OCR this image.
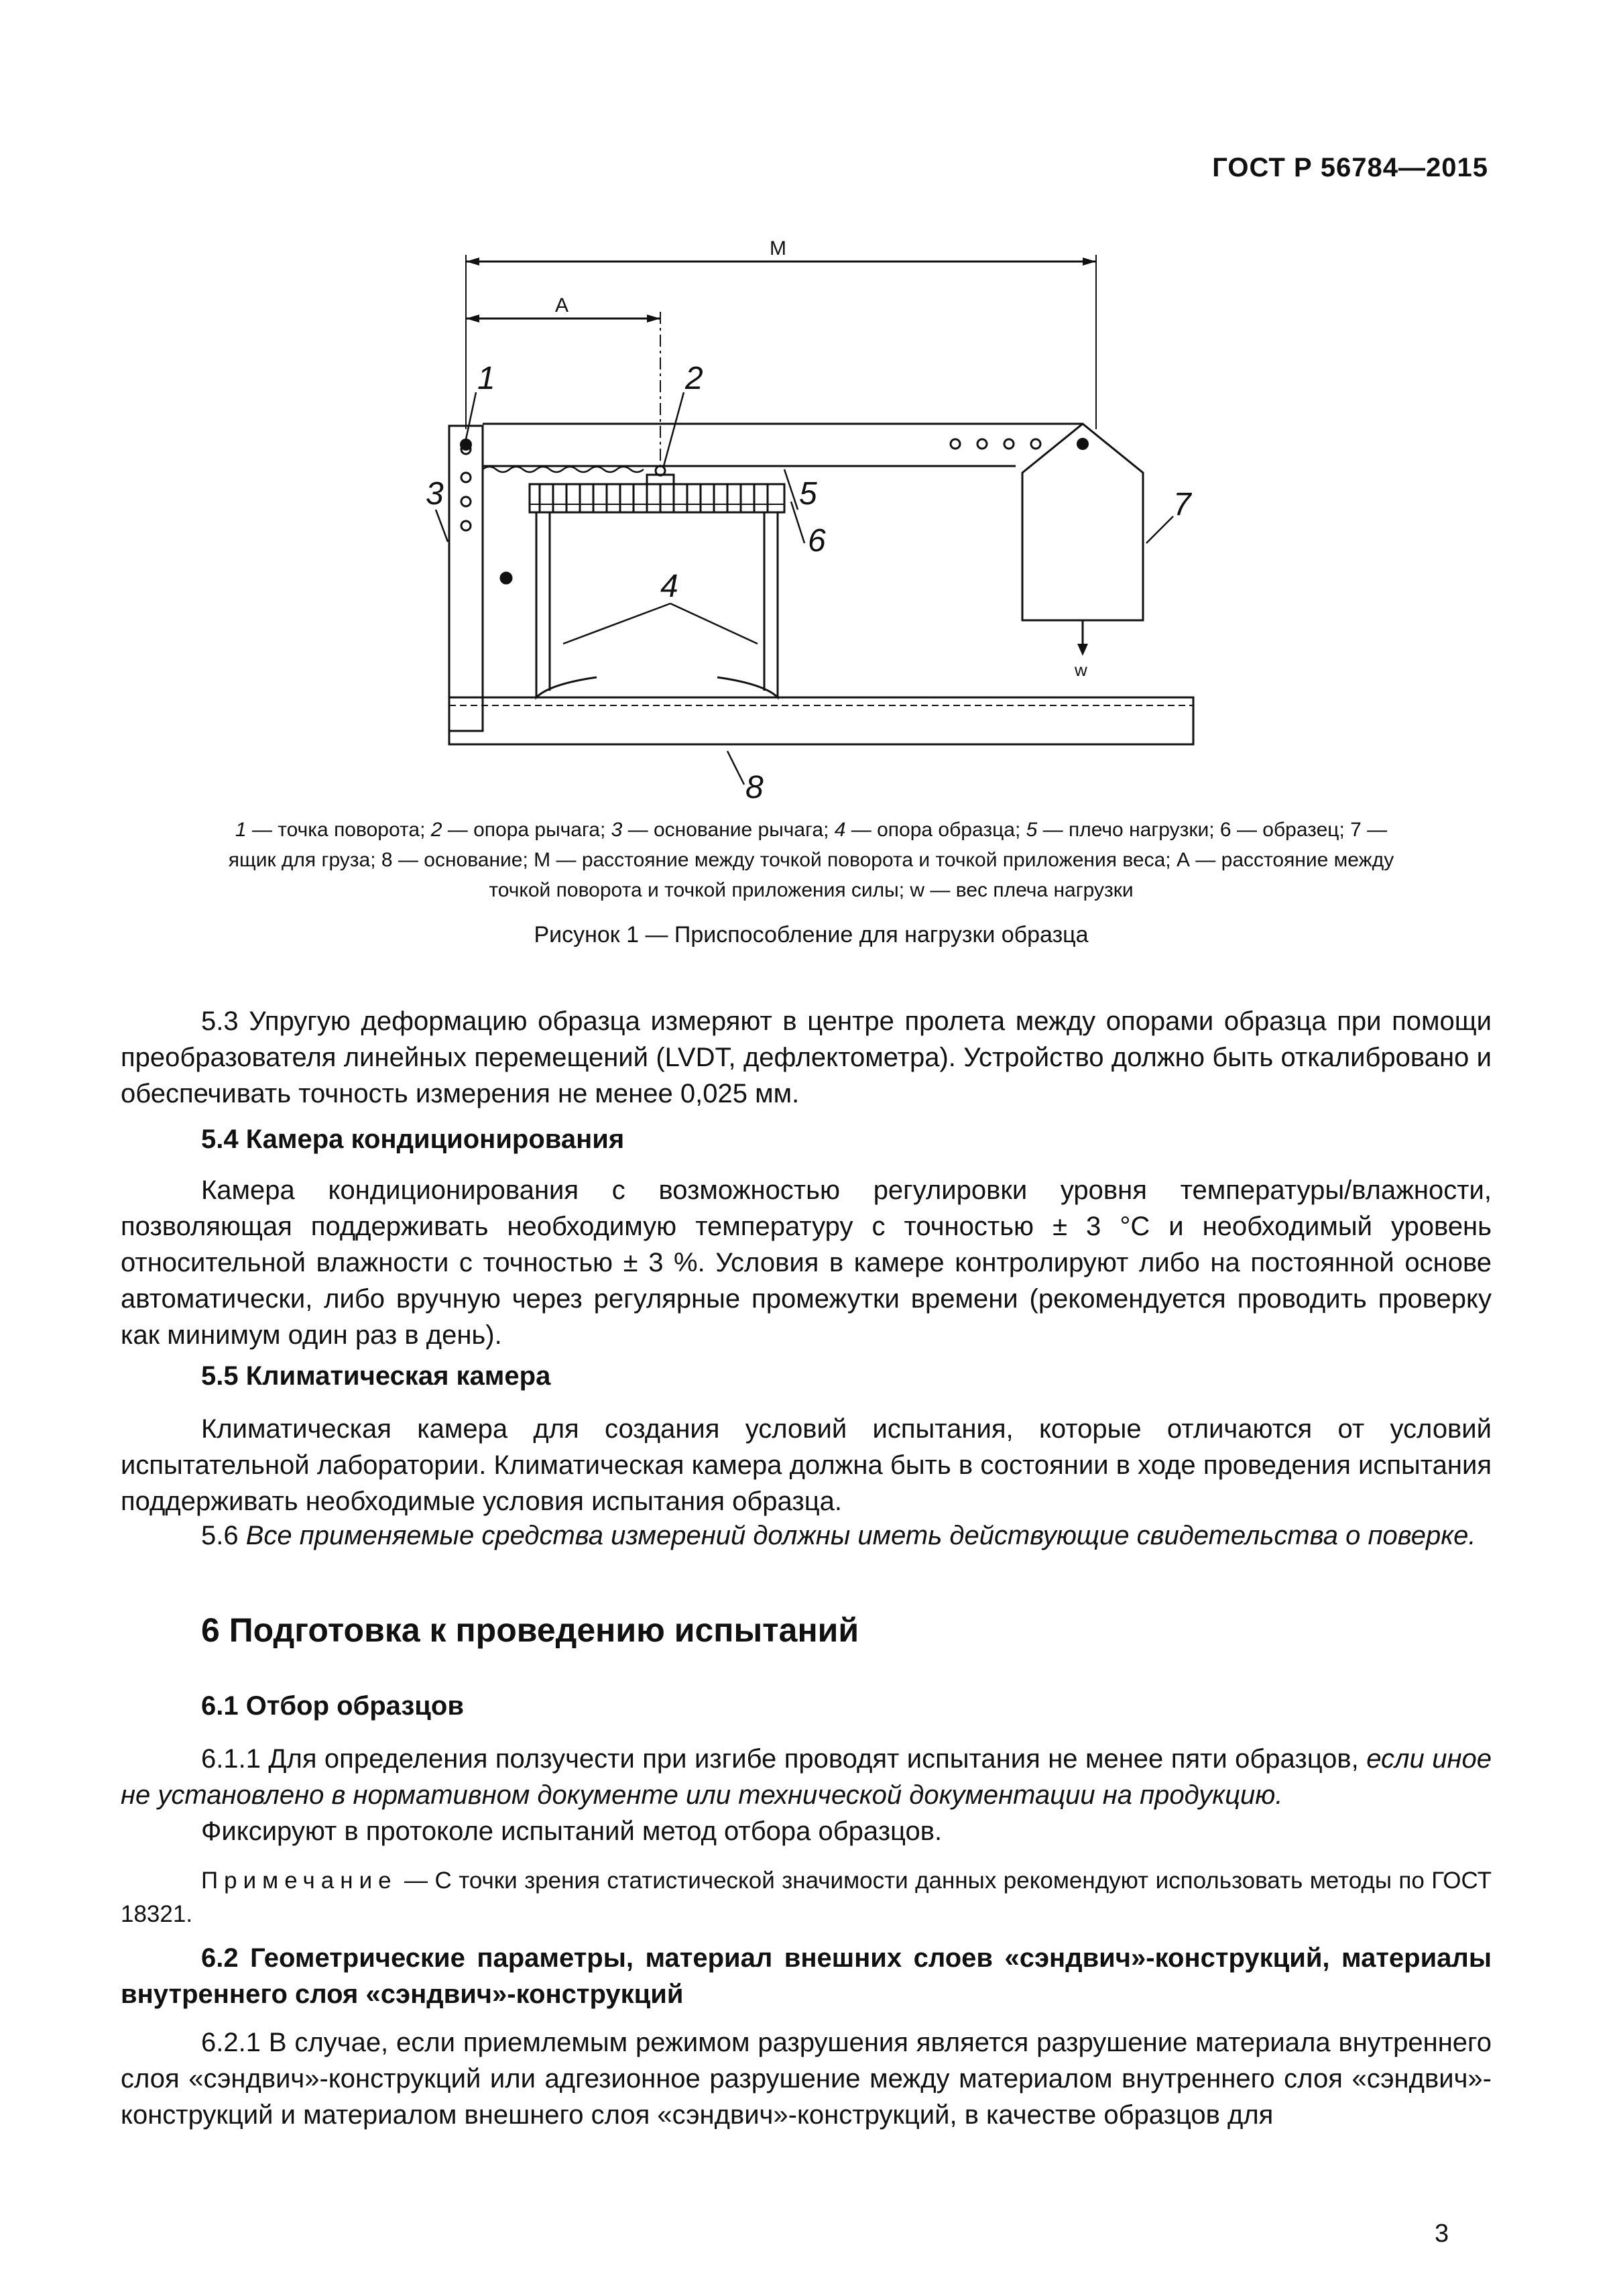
ГОСТ Р 56784—2015
M
A
w
1	2
3
4
5
6
7
8
1 — точка поворота; 2 — опора рычага; 3 — основание рычага; 4 — опора образца; 5 — плечо нагрузки; 6 — образец; 7 —
ящик для груза; 8 — основание; М — расстояние между точкой поворота и точкой приложения веса; А — расстояние между
точкой поворота и точкой приложения силы; w — вес плеча нагрузки
Рисунок 1 — Приспособление для нагрузки образца
5.3 Упругую деформацию образца измеряют в центре пролета между опорами образца при помощи преобразователя линейных перемещений (LVDT, дефлектометра). Устройство должно быть откалибровано и обеспечивать точность измерения не менее 0,025 мм.
5.4 Камера кондиционирования
Камера кондиционирования с возможностью регулировки уровня температуры/влажности, позволяющая поддерживать необходимую температуру с точностью ± 3 °С и необходимый уровень относительной влажности с точностью ± 3 %. Условия в камере контролируют либо на постоянной основе автоматически, либо вручную через регулярные промежутки времени (рекомендуется проводить проверку как минимум один раз в день).
5.5 Климатическая камера
Климатическая камера для создания условий испытания, которые отличаются от условий испытательной лаборатории. Климатическая камера должна быть в состоянии в ходе проведения испытания поддерживать необходимые условия испытания образца.
5.6 Все применяемые средства измерений должны иметь действующие свидетельства о поверке.
6 Подготовка к проведению испытаний
6.1 Отбор образцов
6.1.1 Для определения ползучести при изгибе проводят испытания не менее пяти образцов, если иное не установлено в нормативном документе или технической документации на продукцию.
Фиксируют в протоколе испытаний метод отбора образцов.
Примечание — С точки зрения статистической значимости данных рекомендуют использовать методы по ГОСТ 18321.
6.2 Геометрические параметры, материал внешних слоев «сэндвич»-конструкций, материалы внутреннего слоя «сэндвич»-конструкций
6.2.1 В случае, если приемлемым режимом разрушения является разрушение материала внутреннего слоя «сэндвич»-конструкций или адгезионное разрушение между материалом внутреннего слоя «сэндвич»-конструкций и материалом внешнего слоя «сэндвич»-конструкций, в качестве образцов для
3
